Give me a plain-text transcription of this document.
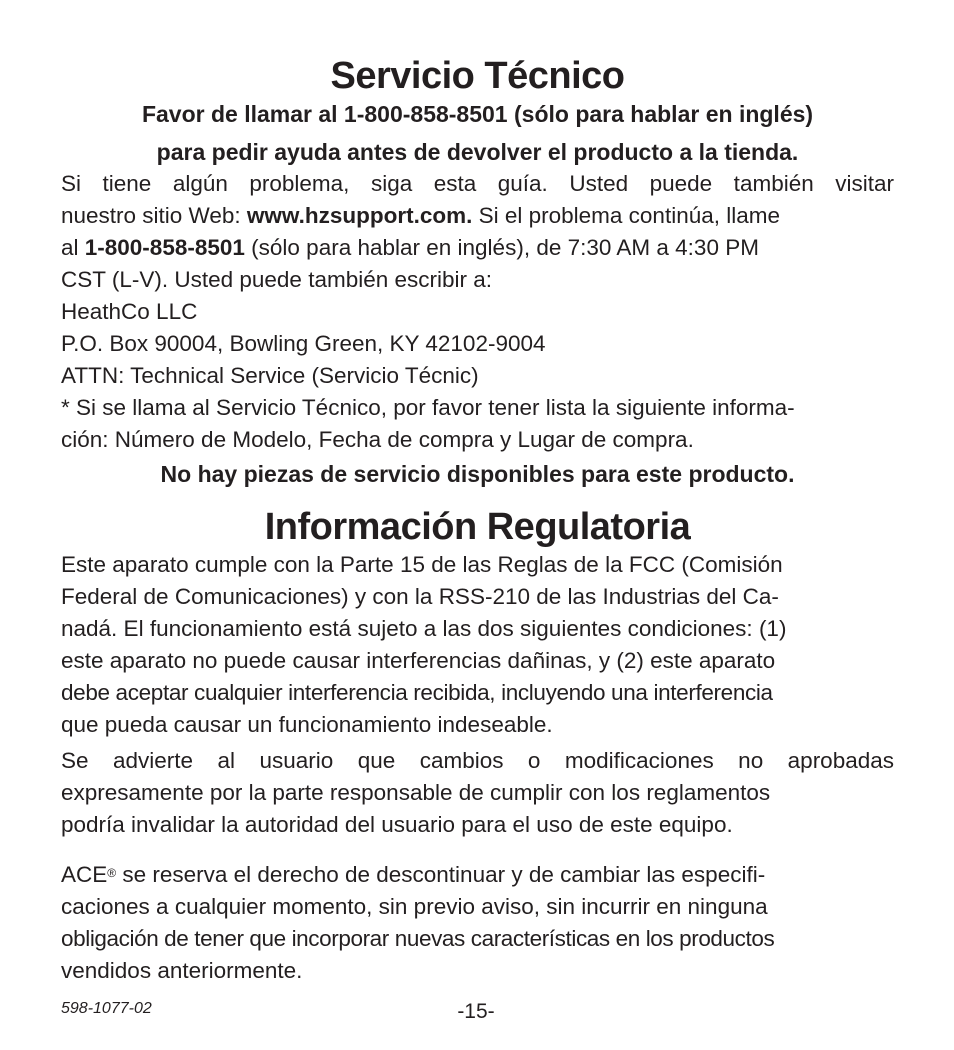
Servicio Técnico
Favor de llamar al 1-800-858-8501 (sólo para hablar en inglés)
para pedir ayuda antes de devolver el producto a la tienda.
Si tiene algún problema, siga esta guía. Usted puede también visitar
nuestro sitio Web: www.hzsupport.com. Si el problema continúa, llame
al 1-800-858-8501 (sólo para hablar en inglés), de 7:30 AM a 4:30 PM
CST (L-V). Usted puede también escribir a:
HeathCo LLC
P.O. Box 90004, Bowling Green, KY 42102-9004
ATTN: Technical Service (Servicio Técnic)
* Si se llama al Servicio Técnico, por favor tener lista la siguiente informa-
ción: Número de Modelo, Fecha de compra y Lugar de compra.
No hay piezas de servicio disponibles para este producto.
Información Regulatoria
Este aparato cumple con la Parte 15 de las Reglas de la FCC (Comisión
Federal de Comunicaciones) y con la RSS-210 de las Industrias del Ca-
nadá. El funcionamiento está sujeto a las dos siguientes condiciones: (1)
este aparato no puede causar interferencias dañinas, y (2) este aparato
debe aceptar cualquier interferencia recibida, incluyendo una interferencia
que pueda causar un funcionamiento indeseable.
Se advierte al usuario que cambios o modificaciones no aprobadas
expresamente por la parte responsable de cumplir con los reglamentos
podría invalidar la autoridad del usuario para el uso de este equipo.
ACE® se reserva el derecho de descontinuar y de cambiar las especifi-
caciones a cualquier momento, sin previo aviso, sin incurrir en ninguna
obligación de tener que incorporar nuevas características en los productos
vendidos anteriormente.
598-1077-02	-15-
